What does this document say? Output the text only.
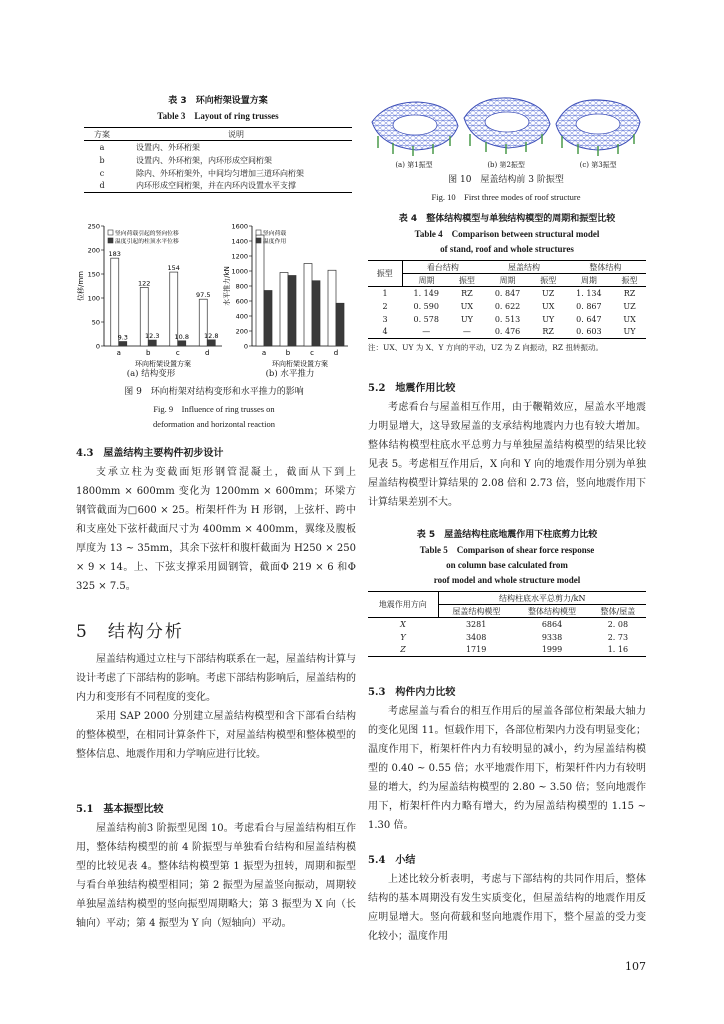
表 3　环向桁架设置方案
Table 3　Layout of ring trusses
方案	说明
a	设置内、外环桁架
b	设置内、外环桁架，内环形成空间桁架
c	除内、外环桁架外，中间均匀增加三道环向桁架
d	内环形成空间桁架，并在内环内设置水平支撑
0
50
100
150
200
250
位移/mm
183
9.3
a
122
12.3
b
154
10.8
c
97.5
12.8
d
环向桁架设置方案
竖向荷载引起的竖向位移
温度引起的柱顶水平位移
0
200
400
600
800
1000
1200
1400
1600
水平推力/kN
a	b	c	d
环向桁架设置方案
竖向荷载
温度作用
(a) 结构变形	(b) 水平推力
图 9　环向桁架对结构变形和水平推力的影响
Fig. 9　Influence of ring trusses on
deformation and horizontal reaction
4.3　屋盖结构主要构件初步设计

支承立柱为变截面矩形钢管混凝土，截面从下到上 1800mm × 600mm 变化为 1200mm × 600mm；环梁方钢管截面为□600 × 25。桁架杆件为 H 形钢，上弦杆、跨中和支座处下弦杆截面尺寸为 400mm × 400mm，翼缘及腹板厚度为 13 ~ 35mm，其余下弦杆和腹杆截面为 H250 × 250 × 9 × 14。上、下弦支撑采用圆钢管，截面Φ 219 × 6 和Φ 325 × 7.5。

5　结构分析

屋盖结构通过立柱与下部结构联系在一起，屋盖结构计算与设计考虑了下部结构的影响。考虑下部结构影响后，屋盖结构的内力和变形有不同程度的变化。

采用 SAP 2000 分别建立屋盖结构模型和含下部看台结构的整体模型，在相同计算条件下，对屋盖结构模型和整体模型的整体信息、地震作用和力学响应进行比较。

5.1　基本振型比较

屋盖结构前3 阶振型见图 10。考虑看台与屋盖结构相互作用，整体结构模型的前 4 阶振型与单独看台结构和屋盖结构模型的比较见表 4。整体结构模型第 1 振型为扭转，周期和振型与看台单独结构模型相同；第 2 振型为屋盖竖向振动，周期较单独屋盖结构模型的竖向振型周期略大；第 3 振型为 X 向（长轴向）平动；第 4 振型为 Y 向（短轴向）平动。

(a) 第1振型	(b) 第2振型	(c) 第3振型
图 10　屋盖结构前 3 阶振型
Fig. 10　First three modes of roof structure
表 4　整体结构模型与单独结构模型的周期和振型比较
Table 4　Comparison between structural model
of stand, roof and whole structures
振型	看台结构		屋盖结构		整体结构	
	周期	振型	周期	振型	周期	振型
1	1. 149	RZ	0. 847	UZ	1. 134	RZ
2	0. 590	UX	0. 622	UX	0. 867	UZ
3	0. 578	UY	0. 513	UY	0. 647	UX
4	—	—	0. 476	RZ	0. 603	UY
注：UX、UY 为 X、Y 方向的平动，UZ 为 Z 向振动，RZ 扭转振动。
5.2　地震作用比较

考虑看台与屋盖相互作用，由于鞭鞘效应，屋盖水平地震力明显增大，这导致屋盖的支承结构地震内力也有较大增加。整体结构模型柱底水平总剪力与单独屋盖结构模型的结果比较见表 5。考虑相互作用后，X 向和 Y 向的地震作用分别为单独屋盖结构模型计算结果的 2.08 倍和 2.73 倍，竖向地震作用下计算结果差别不大。

表 5　屋盖结构柱底地震作用下柱底剪力比较
Table 5　Comparison of shear force response
on column base calculated from
roof model and whole structure model
地震作用方向	结构柱底水平总剪力/kN		
	屋盖结构模型	整体结构模型	整体/屋盖
X	3281	6864	2. 08
Y	3408	9338	2. 73
Z	1719	1999	1. 16
5.3　构件内力比较

考虑屋盖与看台的相互作用后的屋盖各部位桁架最大轴力的变化见图 11。恒载作用下，各部位桁架内力没有明显变化；温度作用下，桁架杆件内力有较明显的减小，约为屋盖结构模型的 0.40 ~ 0.55 倍；水平地震作用下，桁架杆件内力有较明显的增大，约为屋盖结构模型的 2.80 ~ 3.50 倍；竖向地震作用下，桁架杆件内力略有增大，约为屋盖结构模型的 1.15 ~ 1.30 倍。

5.4　小结

上述比较分析表明，考虑与下部结构的共同作用后，整体结构的基本周期没有发生实质变化，但屋盖结构的地震作用反应明显增大。竖向荷载和竖向地震作用下，整个屋盖的受力变化较小；温度作用

107
